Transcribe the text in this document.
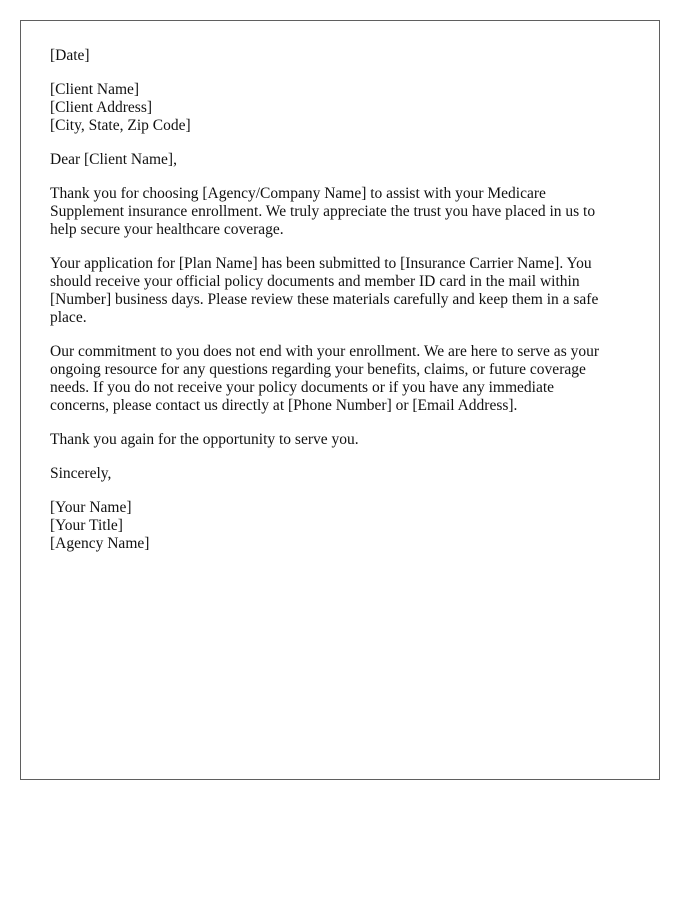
[Date]
[Client Name]
[Client Address]
[City, State, Zip Code]

Dear [Client Name],

Thank you for choosing [Agency/Company Name] to assist with your Medicare
Supplement insurance enrollment. We truly appreciate the trust you have placed in us to
help secure your healthcare coverage.

Your application for [Plan Name] has been submitted to [Insurance Carrier Name]. You
should receive your official policy documents and member ID card in the mail within
[Number] business days. Please review these materials carefully and keep them in a safe
place.

Our commitment to you does not end with your enrollment. We are here to serve as your
ongoing resource for any questions regarding your benefits, claims, or future coverage
needs. If you do not receive your policy documents or if you have any immediate
concerns, please contact us directly at [Phone Number] or [Email Address].

Thank you again for the opportunity to serve you.

Sincerely,

[Your Name]
[Your Title]
[Agency Name]
